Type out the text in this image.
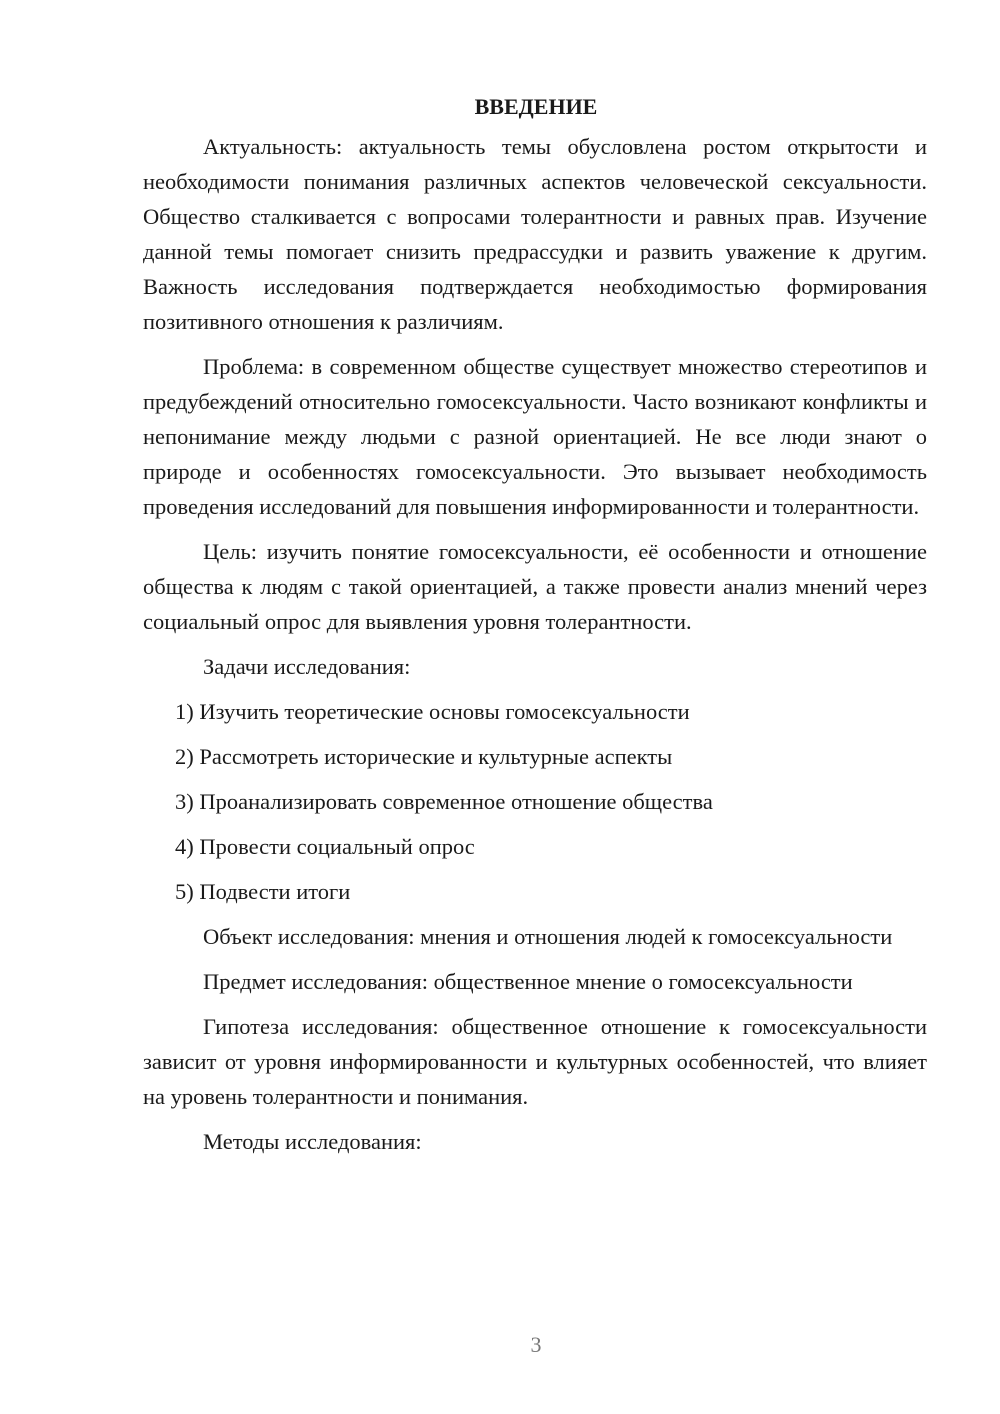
ВВЕДЕНИЕ

Актуальность: актуальность темы обусловлена ростом открытости и необходимости понимания различных аспектов человеческой сексуальности. Общество сталкивается с вопросами толерантности и равных прав. Изучение данной темы помогает снизить предрассудки и развить уважение к другим. Важность исследования подтверждается необходимостью формирования позитивного отношения к различиям.

Проблема: в современном обществе существует множество стереотипов и предубеждений относительно гомосексуальности. Часто возникают конфликты и непонимание между людьми с разной ориентацией. Не все люди знают о природе и особенностях гомосексуальности. Это вызывает необходимость проведения исследований для повышения информированности и толерантности.

Цель: изучить понятие гомосексуальности, её особенности и отношение общества к людям с такой ориентацией, а также провести анализ мнений через социальный опрос для выявления уровня толерантности.

Задачи исследования:

1) Изучить теоретические основы гомосексуальности
2) Рассмотреть исторические и культурные аспекты
3) Проанализировать современное отношение общества
4) Провести социальный опрос
5) Подвести итоги

Объект исследования: мнения и отношения людей к гомосексуальности

Предмет исследования: общественное мнение о гомосексуальности

Гипотеза исследования: общественное отношение к гомосексуальности зависит от уровня информированности и культурных особенностей, что влияет на уровень толерантности и понимания.

Методы исследования:

3
